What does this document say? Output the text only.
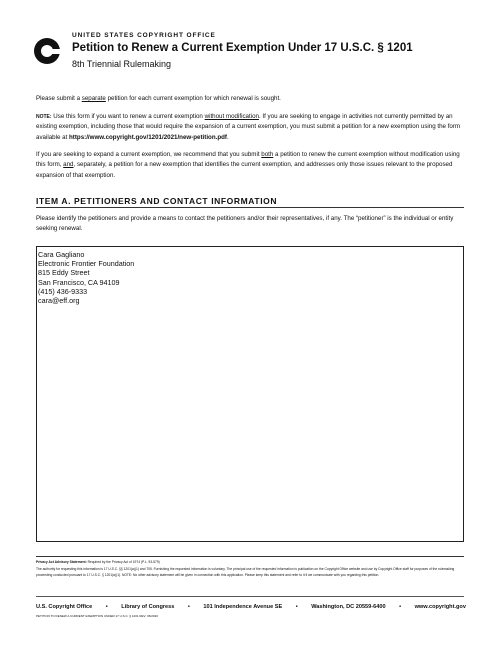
UNITED STATES COPYRIGHT OFFICE
Petition to Renew a Current Exemption Under 17 U.S.C. § 1201
8th Triennial Rulemaking
Please submit a separate petition for each current exemption for which renewal is sought.
NOTE: Use this form if you want to renew a current exemption without modification. If you are seeking to engage in activities not currently permitted by an existing exemption, including those that would require the expansion of a current exemption, you must submit a petition for a new exemption using the form available at https://www.copyright.gov/1201/2021/new-petition.pdf.
If you are seeking to expand a current exemption, we recommend that you submit both a petition to renew the current exemption without modification using this form, and, separately, a petition for a new exemption that identifies the current exemption, and addresses only those issues relevant to the proposed expansion of that exemption.
ITEM A. PETITIONERS AND CONTACT INFORMATION
Please identify the petitioners and provide a means to contact the petitioners and/or their representatives, if any. The “petitioner” is the individual or entity seeking renewal.
Cara Gagliano
Electronic Frontier Foundation
815 Eddy Street
San Francisco, CA 94109
(415) 436-9333
cara@eff.org
Privacy Act Advisory Statement: Required by the Privacy Act of 1974 (P.L. 93-579)
The authority for requesting this information is 17 U.S.C. §§ 1201(a)(1) and 705. Furnishing the requested information is voluntary. The principal use of the requested information is publication on the Copyright Office website and use by Copyright Office staff for purposes of the rulemaking proceeding conducted pursuant to 17 U.S.C. § 1201(a)(1). NOTE: No other advisory statement will be given in connection with this application. Please keep this statement and refer to it if we communicate with you regarding this petition.
U.S. Copyright Office • Library of Congress • 101 Independence Avenue SE • Washington, DC 20559-6400 • www.copyright.gov
PETITION TO RENEW A CURRENT EXEMPTION UNDER 17 U.S.C. § 1201 REV: 06/2020
